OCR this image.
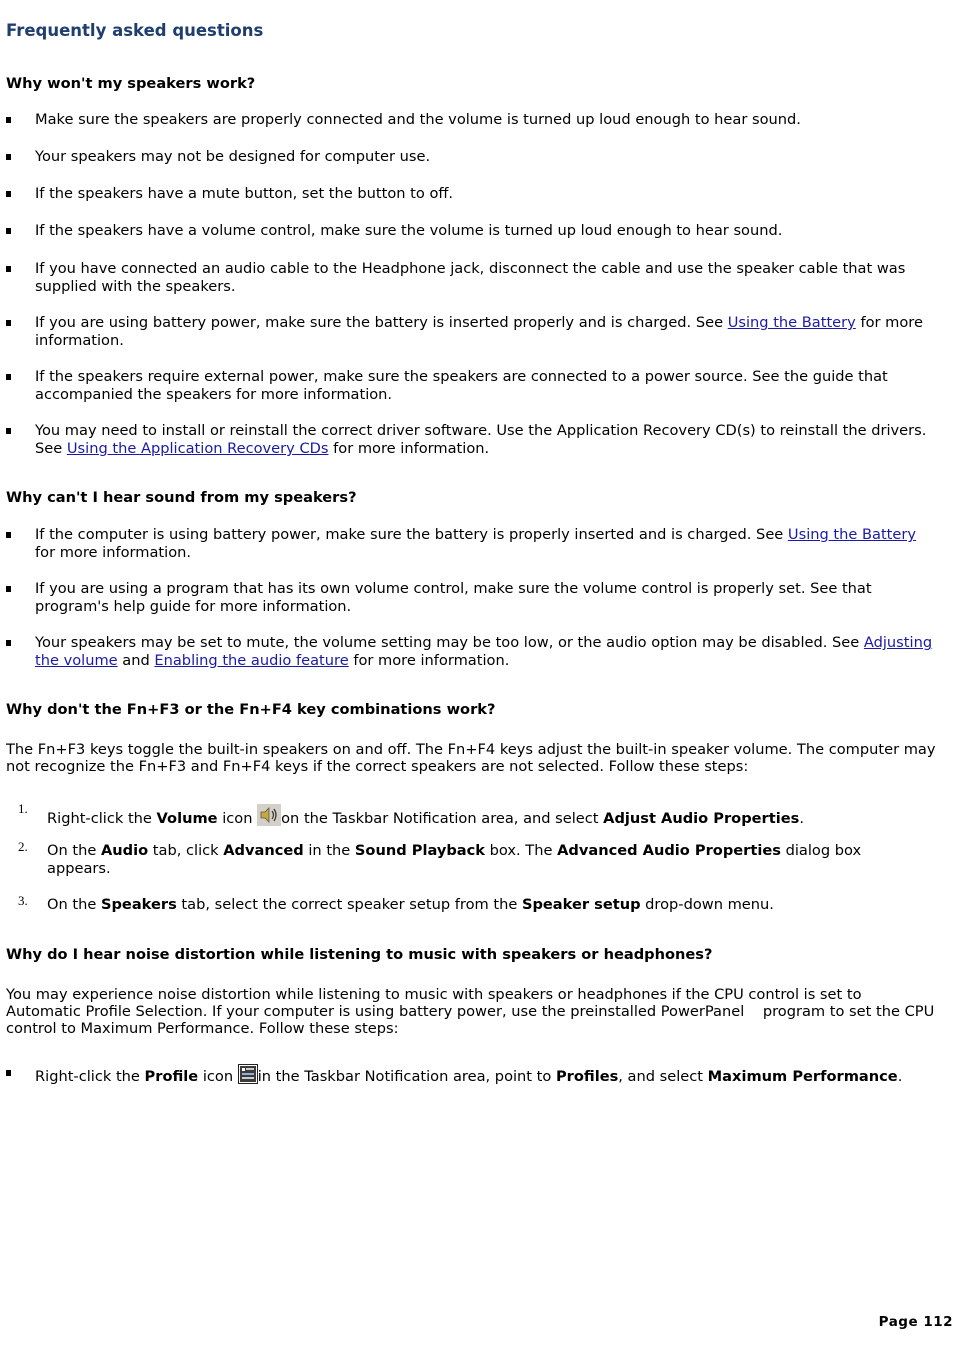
Frequently asked questions

Why won't my speakers work?

Make sure the speakers are properly connected and the volume is turned up loud enough to hear sound.
Your speakers may not be designed for computer use.
If the speakers have a mute button, set the button to off.
If the speakers have a volume control, make sure the volume is turned up loud enough to hear sound.
If you have connected an audio cable to the Headphone jack, disconnect the cable and use the speaker cable that was supplied with the speakers.
If you are using battery power, make sure the battery is inserted properly and is charged. See Using the Battery for more information.
If the speakers require external power, make sure the speakers are connected to a power source. See the guide that accompanied the speakers for more information.
You may need to install or reinstall the correct driver software. Use the Application Recovery CD(s) to reinstall the drivers. See Using the Application Recovery CDs for more information.

Why can't I hear sound from my speakers?

If the computer is using battery power, make sure the battery is properly inserted and is charged. See Using the Battery for more information.
If you are using a program that has its own volume control, make sure the volume control is properly set. See that program's help guide for more information.
Your speakers may be set to mute, the volume setting may be too low, or the audio option may be disabled. See Adjusting the volume and Enabling the audio feature for more information.

Why don't the Fn+F3 or the Fn+F4 key combinations work?

The Fn+F3 keys toggle the built-in speakers on and off. The Fn+F4 keys adjust the built-in speaker volume. The computer may not recognize the Fn+F3 and Fn+F4 keys if the correct speakers are not selected. Follow these steps:
1.
Right-click the Volume icon on the Taskbar Notification area, and select Adjust Audio Properties.
2. On the Audio tab, click Advanced in the Sound Playback box. The Advanced Audio Properties dialog box appears.
3. On the Speakers tab, select the correct speaker setup from the Speaker setup drop-down menu.

Why do I hear noise distortion while listening to music with speakers or headphones?

You may experience noise distortion while listening to music with speakers or headphones if the CPU control is set to Automatic Profile Selection. If your computer is using battery power, use the preinstalled PowerPanel    program to set the CPU control to Maximum Performance. Follow these steps:
Right-click the Profile icon in the Taskbar Notification area, point to Profiles, and select Maximum Performance.
Page 112
